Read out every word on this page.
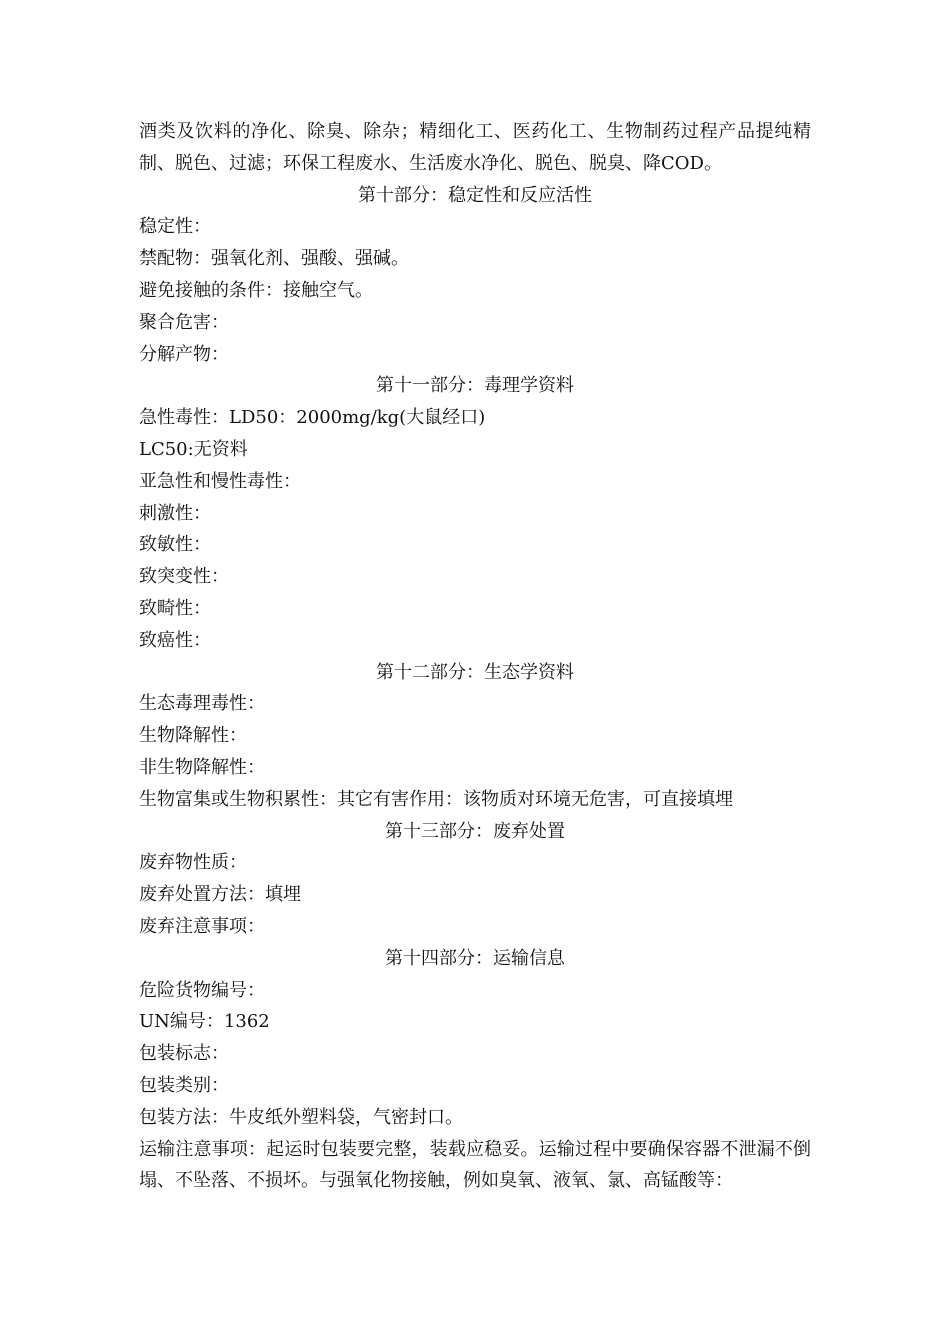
酒类及饮料的净化、除臭、除杂；精细化工、医药化工、生物制药过程产品提纯精制、脱色、过滤；环保工程废水、生活废水净化、脱色、脱臭、降COD。
第十部分：稳定性和反应活性
稳定性：
禁配物：强氧化剂、强酸、强碱。
避免接触的条件：接触空气。
聚合危害：
分解产物：
第十一部分：毒理学资料
急性毒性：LD50：2000mg/kg(大鼠经口)
LC50:无资料
亚急性和慢性毒性：
刺激性：
致敏性：
致突变性：
致畸性：
致癌性：
第十二部分：生态学资料
生态毒理毒性：
生物降解性：
非生物降解性：
生物富集或生物积累性：其它有害作用：该物质对环境无危害，可直接填埋
第十三部分：废弃处置
废弃物性质：
废弃处置方法：填埋
废弃注意事项：
第十四部分：运输信息
危险货物编号：
UN编号：1362
包装标志：
包装类别：
包装方法：牛皮纸外塑料袋，气密封口。
运输注意事项：起运时包装要完整，装载应稳妥。运输过程中要确保容器不泄漏不倒塌、不坠落、不损坏。与强氧化物接触，例如臭氧、液氧、氯、高锰酸等：
